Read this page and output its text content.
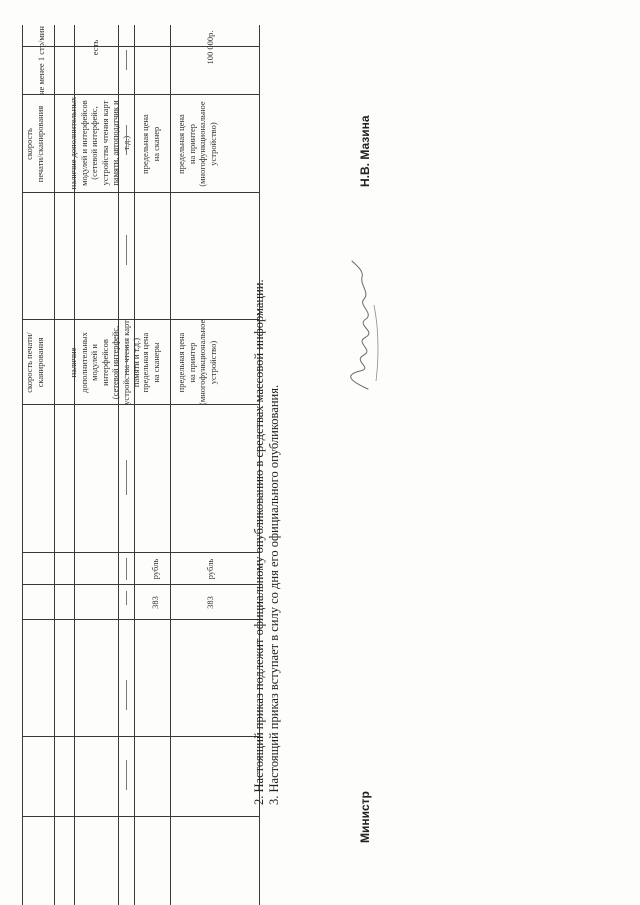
скорость печати/ сканирования
скорость печати/сканирования
не менее 1 стр/мин
наличие дополнительных модулей и интерфейсов (сетевой интерфейс, устройства чтения карт памяти и т.д.)
наличие дополнительных модулей и интерфейсов (сетевой интерфейс, устройства чтения карт памяти, автоподатчик и т.д.)
есть
383
рубль
предельная цена на сканеры
предельная цена на сканер
383
рубль
предельная цена на принтер (многофункциональное устройство)
предельная цена на принтер (многофункциональное устройство)
100 000р.
2. Настоящий приказ подлежит официальному опубликованию в средствах массовой информации. 3. Настоящий приказ вступает в силу со дня его официального опубликования.
Министр
Н.В. Мазина
